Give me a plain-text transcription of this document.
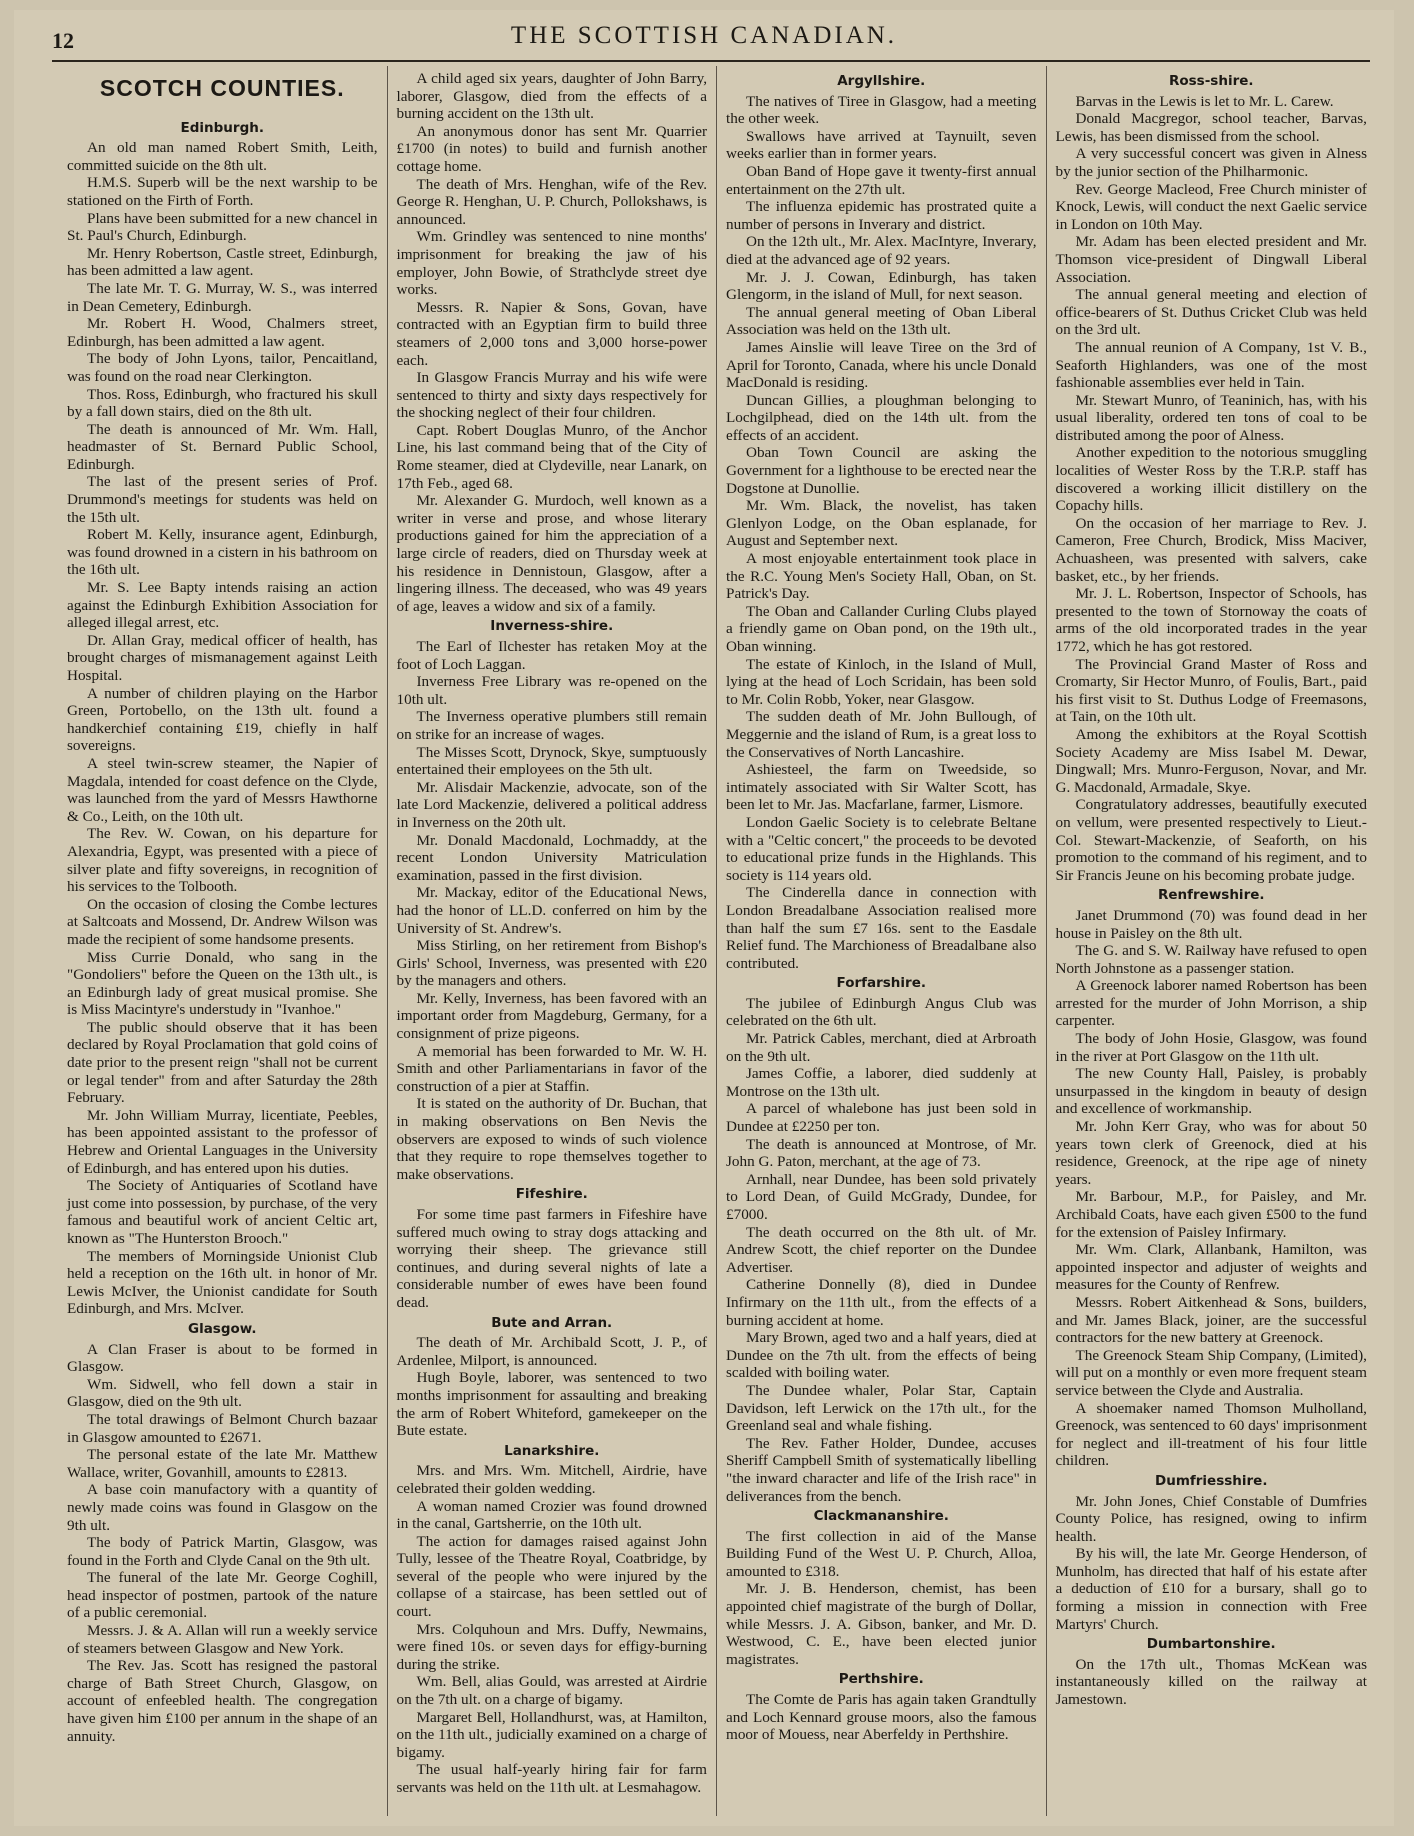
12	THE SCOTTISH CANADIAN.
SCOTCH COUNTIES.
Edinburgh.

An old man named Robert Smith, Leith, committed suicide on the 8th ult.

H.M.S. Superb will be the next warship to be stationed on the Firth of Forth.

Plans have been submitted for a new chancel in St. Paul's Church, Edinburgh.

Mr. Henry Robertson, Castle street, Edinburgh, has been admitted a law agent.

The late Mr. T. G. Murray, W. S., was interred in Dean Cemetery, Edinburgh.

Mr. Robert H. Wood, Chalmers street, Edinburgh, has been admitted a law agent.

The body of John Lyons, tailor, Pencaitland, was found on the road near Clerkington.

Thos. Ross, Edinburgh, who fractured his skull by a fall down stairs, died on the 8th ult.

The death is announced of Mr. Wm. Hall, headmaster of St. Bernard Public School, Edinburgh.

The last of the present series of Prof. Drummond's meetings for students was held on the 15th ult.

Robert M. Kelly, insurance agent, Edinburgh, was found drowned in a cistern in his bathroom on the 16th ult.

Mr. S. Lee Bapty intends raising an action against the Edinburgh Exhibition Association for alleged illegal arrest, etc.

Dr. Allan Gray, medical officer of health, has brought charges of mismanagement against Leith Hospital.

A number of children playing on the Harbor Green, Portobello, on the 13th ult. found a handkerchief containing £19, chiefly in half sovereigns.

A steel twin-screw steamer, the Napier of Magdala, intended for coast defence on the Clyde, was launched from the yard of Messrs Hawthorne & Co., Leith, on the 10th ult.

The Rev. W. Cowan, on his departure for Alexandria, Egypt, was presented with a piece of silver plate and fifty sovereigns, in recognition of his services to the Tolbooth.

On the occasion of closing the Combe lectures at Saltcoats and Mossend, Dr. Andrew Wilson was made the recipient of some handsome presents.

Miss Currie Donald, who sang in the "Gondoliers" before the Queen on the 13th ult., is an Edinburgh lady of great musical promise. She is Miss Macintyre's understudy in "Ivanhoe."

The public should observe that it has been declared by Royal Proclamation that gold coins of date prior to the present reign "shall not be current or legal tender" from and after Saturday the 28th February.

Mr. John William Murray, licentiate, Peebles, has been appointed assistant to the professor of Hebrew and Oriental Languages in the University of Edinburgh, and has entered upon his duties.

The Society of Antiquaries of Scotland have just come into possession, by purchase, of the very famous and beautiful work of ancient Celtic art, known as "The Hunterston Brooch."

The members of Morningside Unionist Club held a reception on the 16th ult. in honor of Mr. Lewis McIver, the Unionist candidate for South Edinburgh, and Mrs. McIver.

Glasgow.

A Clan Fraser is about to be formed in Glasgow.

Wm. Sidwell, who fell down a stair in Glasgow, died on the 9th ult.

The total drawings of Belmont Church bazaar in Glasgow amounted to £2671.

The personal estate of the late Mr. Matthew Wallace, writer, Govanhill, amounts to £2813.

A base coin manufactory with a quantity of newly made coins was found in Glasgow on the 9th ult.

The body of Patrick Martin, Glasgow, was found in the Forth and Clyde Canal on the 9th ult.

The funeral of the late Mr. George Coghill, head inspector of postmen, partook of the nature of a public ceremonial.

Messrs. J. & A. Allan will run a weekly service of steamers between Glasgow and New York.

The Rev. Jas. Scott has resigned the pastoral charge of Bath Street Church, Glasgow, on account of enfeebled health. The congregation have given him £100 per annum in the shape of an annuity.

A child aged six years, daughter of John Barry, laborer, Glasgow, died from the effects of a burning accident on the 13th ult.

An anonymous donor has sent Mr. Quarrier £1700 (in notes) to build and furnish another cottage home.

The death of Mrs. Henghan, wife of the Rev. George R. Henghan, U. P. Church, Pollokshaws, is announced.

Wm. Grindley was sentenced to nine months' imprisonment for breaking the jaw of his employer, John Bowie, of Strathclyde street dye works.

Messrs. R. Napier & Sons, Govan, have contracted with an Egyptian firm to build three steamers of 2,000 tons and 3,000 horse-power each.

In Glasgow Francis Murray and his wife were sentenced to thirty and sixty days respectively for the shocking neglect of their four children.

Capt. Robert Douglas Munro, of the Anchor Line, his last command being that of the City of Rome steamer, died at Clydeville, near Lanark, on 17th Feb., aged 68.

Mr. Alexander G. Murdoch, well known as a writer in verse and prose, and whose literary productions gained for him the appreciation of a large circle of readers, died on Thursday week at his residence in Dennistoun, Glasgow, after a lingering illness. The deceased, who was 49 years of age, leaves a widow and six of a family.

Inverness-shire.

The Earl of Ilchester has retaken Moy at the foot of Loch Laggan.

Inverness Free Library was re-opened on the 10th ult.

The Inverness operative plumbers still remain on strike for an increase of wages.

The Misses Scott, Drynock, Skye, sumptuously entertained their employees on the 5th ult.

Mr. Alisdair Mackenzie, advocate, son of the late Lord Mackenzie, delivered a political address in Inverness on the 20th ult.

Mr. Donald Macdonald, Lochmaddy, at the recent London University Matriculation examination, passed in the first division.

Mr. Mackay, editor of the Educational News, had the honor of LL.D. conferred on him by the University of St. Andrew's.

Miss Stirling, on her retirement from Bishop's Girls' School, Inverness, was presented with £20 by the managers and others.

Mr. Kelly, Inverness, has been favored with an important order from Magdeburg, Germany, for a consignment of prize pigeons.

A memorial has been forwarded to Mr. W. H. Smith and other Parliamentarians in favor of the construction of a pier at Staffin.

It is stated on the authority of Dr. Buchan, that in making observations on Ben Nevis the observers are exposed to winds of such violence that they require to rope themselves together to make observations.

Fifeshire.

For some time past farmers in Fifeshire have suffered much owing to stray dogs attacking and worrying their sheep. The grievance still continues, and during several nights of late a considerable number of ewes have been found dead.

Bute and Arran.

The death of Mr. Archibald Scott, J. P., of Ardenlee, Milport, is announced.

Hugh Boyle, laborer, was sentenced to two months imprisonment for assaulting and breaking the arm of Robert Whiteford, gamekeeper on the Bute estate.

Lanarkshire.

Mrs. and Mrs. Wm. Mitchell, Airdrie, have celebrated their golden wedding.

A woman named Crozier was found drowned in the canal, Gartsherrie, on the 10th ult.

The action for damages raised against John Tully, lessee of the Theatre Royal, Coatbridge, by several of the people who were injured by the collapse of a staircase, has been settled out of court.

Mrs. Colquhoun and Mrs. Duffy, Newmains, were fined 10s. or seven days for effigy-burning during the strike.

Wm. Bell, alias Gould, was arrested at Airdrie on the 7th ult. on a charge of bigamy.

Margaret Bell, Hollandhurst, was, at Hamilton, on the 11th ult., judicially examined on a charge of bigamy.

The usual half-yearly hiring fair for farm servants was held on the 11th ult. at Lesmahagow.

Argyllshire.

The natives of Tiree in Glasgow, had a meeting the other week.

Swallows have arrived at Taynuilt, seven weeks earlier than in former years.

Oban Band of Hope gave it twenty-first annual entertainment on the 27th ult.

The influenza epidemic has prostrated quite a number of persons in Inverary and district.

On the 12th ult., Mr. Alex. MacIntyre, Inverary, died at the advanced age of 92 years.

Mr. J. J. Cowan, Edinburgh, has taken Glengorm, in the island of Mull, for next season.

The annual general meeting of Oban Liberal Association was held on the 13th ult.

James Ainslie will leave Tiree on the 3rd of April for Toronto, Canada, where his uncle Donald MacDonald is residing.

Duncan Gillies, a ploughman belonging to Lochgilphead, died on the 14th ult. from the effects of an accident.

Oban Town Council are asking the Government for a lighthouse to be erected near the Dogstone at Dunollie.

Mr. Wm. Black, the novelist, has taken Glenlyon Lodge, on the Oban esplanade, for August and September next.

A most enjoyable entertainment took place in the R.C. Young Men's Society Hall, Oban, on St. Patrick's Day.

The Oban and Callander Curling Clubs played a friendly game on Oban pond, on the 19th ult., Oban winning.

The estate of Kinloch, in the Island of Mull, lying at the head of Loch Scridain, has been sold to Mr. Colin Robb, Yoker, near Glasgow.

The sudden death of Mr. John Bullough, of Meggernie and the island of Rum, is a great loss to the Conservatives of North Lancashire.

Ashiesteel, the farm on Tweedside, so intimately associated with Sir Walter Scott, has been let to Mr. Jas. Macfarlane, farmer, Lismore.

London Gaelic Society is to celebrate Beltane with a "Celtic concert," the proceeds to be devoted to educational prize funds in the Highlands. This society is 114 years old.

The Cinderella dance in connection with London Breadalbane Association realised more than half the sum £7 16s. sent to the Easdale Relief fund. The Marchioness of Breadalbane also contributed.

Forfarshire.

The jubilee of Edinburgh Angus Club was celebrated on the 6th ult.

Mr. Patrick Cables, merchant, died at Arbroath on the 9th ult.

James Coffie, a laborer, died suddenly at Montrose on the 13th ult.

A parcel of whalebone has just been sold in Dundee at £2250 per ton.

The death is announced at Montrose, of Mr. John G. Paton, merchant, at the age of 73.

Arnhall, near Dundee, has been sold privately to Lord Dean, of Guild McGrady, Dundee, for £7000.

The death occurred on the 8th ult. of Mr. Andrew Scott, the chief reporter on the Dundee Advertiser.

Catherine Donnelly (8), died in Dundee Infirmary on the 11th ult., from the effects of a burning accident at home.

Mary Brown, aged two and a half years, died at Dundee on the 7th ult. from the effects of being scalded with boiling water.

The Dundee whaler, Polar Star, Captain Davidson, left Lerwick on the 17th ult., for the Greenland seal and whale fishing.

The Rev. Father Holder, Dundee, accuses Sheriff Campbell Smith of systematically libelling "the inward character and life of the Irish race" in deliverances from the bench.

Clackmananshire.

The first collection in aid of the Manse Building Fund of the West U. P. Church, Alloa, amounted to £318.

Mr. J. B. Henderson, chemist, has been appointed chief magistrate of the burgh of Dollar, while Messrs. J. A. Gibson, banker, and Mr. D. Westwood, C. E., have been elected junior magistrates.

Perthshire.

The Comte de Paris has again taken Grandtully and Loch Kennard grouse moors, also the famous moor of Mouess, near Aberfeldy in Perthshire.

Ross-shire.

Barvas in the Lewis is let to Mr. L. Carew.

Donald Macgregor, school teacher, Barvas, Lewis, has been dismissed from the school.

A very successful concert was given in Alness by the junior section of the Philharmonic.

Rev. George Macleod, Free Church minister of Knock, Lewis, will conduct the next Gaelic service in London on 10th May.

Mr. Adam has been elected president and Mr. Thomson vice-president of Dingwall Liberal Association.

The annual general meeting and election of office-bearers of St. Duthus Cricket Club was held on the 3rd ult.

The annual reunion of A Company, 1st V. B., Seaforth Highlanders, was one of the most fashionable assemblies ever held in Tain.

Mr. Stewart Munro, of Teaninich, has, with his usual liberality, ordered ten tons of coal to be distributed among the poor of Alness.

Another expedition to the notorious smuggling localities of Wester Ross by the T.R.P. staff has discovered a working illicit distillery on the Copachy hills.

On the occasion of her marriage to Rev. J. Cameron, Free Church, Brodick, Miss Maciver, Achuasheen, was presented with salvers, cake basket, etc., by her friends.

Mr. J. L. Robertson, Inspector of Schools, has presented to the town of Stornoway the coats of arms of the old incorporated trades in the year 1772, which he has got restored.

The Provincial Grand Master of Ross and Cromarty, Sir Hector Munro, of Foulis, Bart., paid his first visit to St. Duthus Lodge of Freemasons, at Tain, on the 10th ult.

Among the exhibitors at the Royal Scottish Society Academy are Miss Isabel M. Dewar, Dingwall; Mrs. Munro-Ferguson, Novar, and Mr. G. Macdonald, Armadale, Skye.

Congratulatory addresses, beautifully executed on vellum, were presented respectively to Lieut.-Col. Stewart-Mackenzie, of Seaforth, on his promotion to the command of his regiment, and to Sir Francis Jeune on his becoming probate judge.

Renfrewshire.

Janet Drummond (70) was found dead in her house in Paisley on the 8th ult.

The G. and S. W. Railway have refused to open North Johnstone as a passenger station.

A Greenock laborer named Robertson has been arrested for the murder of John Morrison, a ship carpenter.

The body of John Hosie, Glasgow, was found in the river at Port Glasgow on the 11th ult.

The new County Hall, Paisley, is probably unsurpassed in the kingdom in beauty of design and excellence of workmanship.

Mr. John Kerr Gray, who was for about 50 years town clerk of Greenock, died at his residence, Greenock, at the ripe age of ninety years.

Mr. Barbour, M.P., for Paisley, and Mr. Archibald Coats, have each given £500 to the fund for the extension of Paisley Infirmary.

Mr. Wm. Clark, Allanbank, Hamilton, was appointed inspector and adjuster of weights and measures for the County of Renfrew.

Messrs. Robert Aitkenhead & Sons, builders, and Mr. James Black, joiner, are the successful contractors for the new battery at Greenock.

The Greenock Steam Ship Company, (Limited), will put on a monthly or even more frequent steam service between the Clyde and Australia.

A shoemaker named Thomson Mulholland, Greenock, was sentenced to 60 days' imprisonment for neglect and ill-treatment of his four little children.

Dumfriesshire.

Mr. John Jones, Chief Constable of Dumfries County Police, has resigned, owing to infirm health.

By his will, the late Mr. George Henderson, of Munholm, has directed that half of his estate after a deduction of £10 for a bursary, shall go to forming a mission in connection with Free Martyrs' Church.

Dumbartonshire.

On the 17th ult., Thomas McKean was instantaneously killed on the railway at Jamestown.
